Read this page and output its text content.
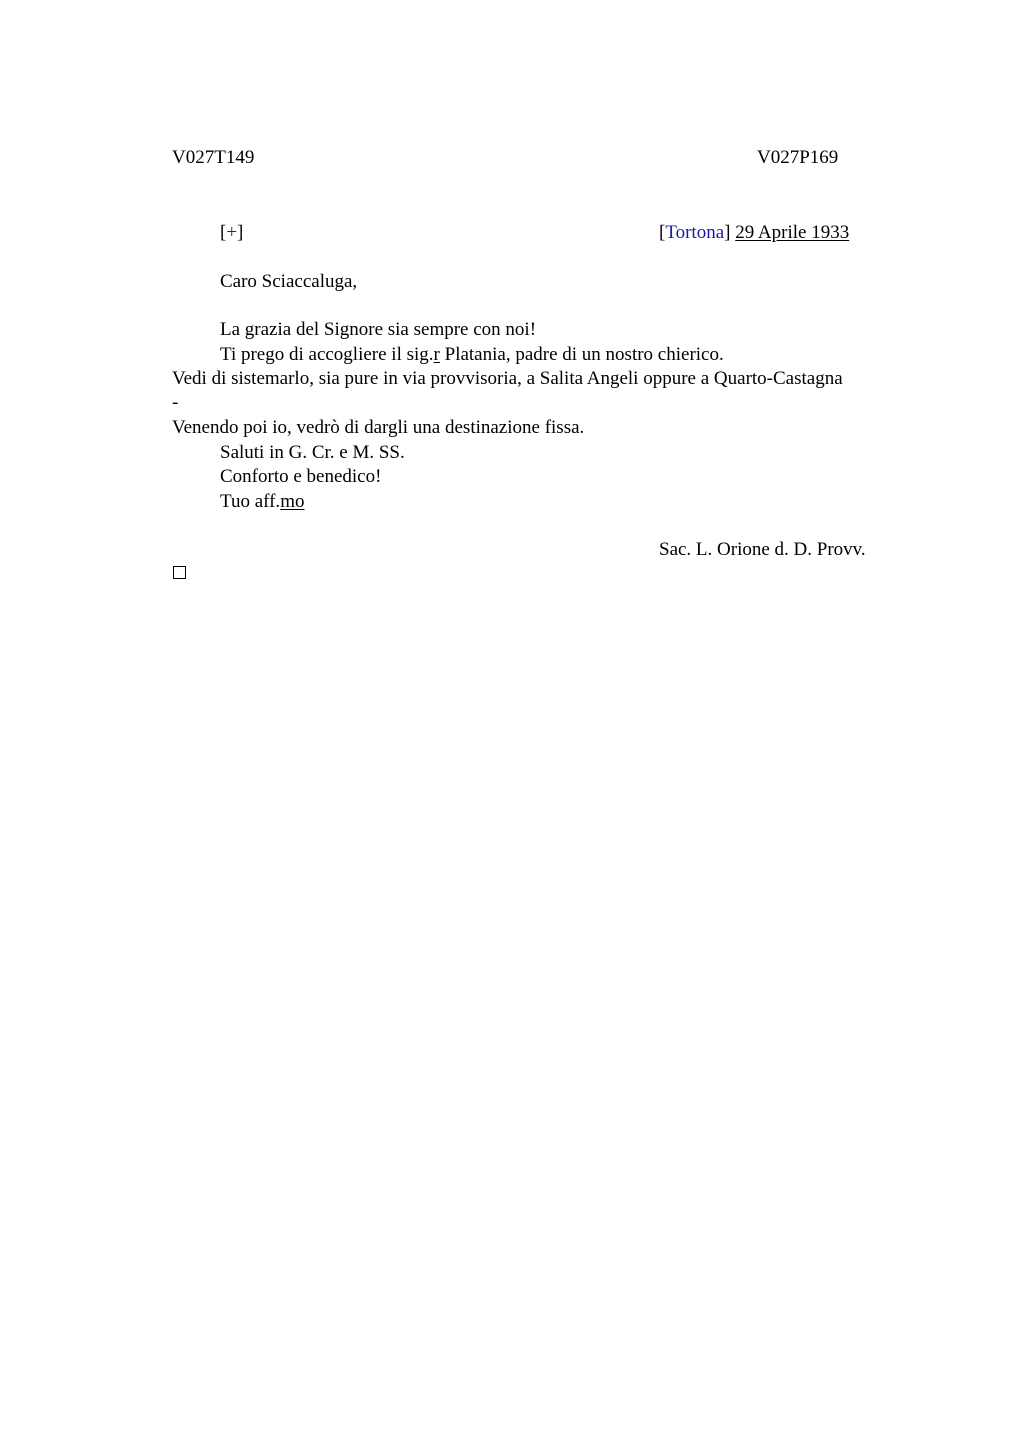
V027T149	V027P169
[+]	[Tortona] 29 Aprile 1933
Caro Sciaccaluga,
La grazia del Signore sia sempre con noi!
Ti prego di accogliere il sig.r Platania, padre di un nostro chierico.
Vedi di sistemarlo, sia pure in via provvisoria, a Salita Angeli oppure a Quarto-Castagna
-
Venendo poi io, vedrò di dargli una destinazione fissa.
Saluti in G. Cr. e M. SS.
Conforto e benedico!
Tuo aff.mo
Sac. L. Orione d. D. Provv.
